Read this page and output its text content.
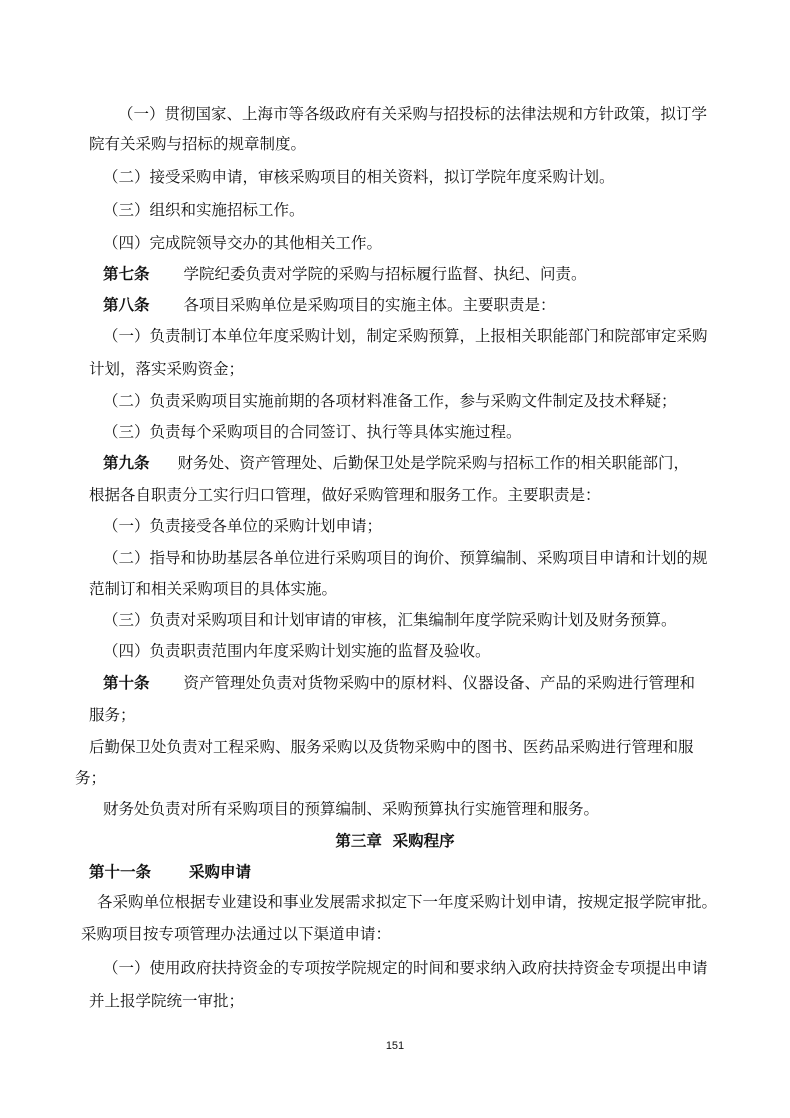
（一）贯彻国家、上海市等各级政府有关采购与招投标的法律法规和方针政策，拟订学
院有关采购与招标的规章制度。
（二）接受采购申请，审核采购项目的相关资料，拟订学院年度采购计划。
（三）组织和实施招标工作。
（四）完成院领导交办的其他相关工作。
第七条 学院纪委负责对学院的采购与招标履行监督、执纪、问责。
第八条 各项目采购单位是采购项目的实施主体。主要职责是：
（一）负责制订本单位年度采购计划，制定采购预算，上报相关职能部门和院部审定采购
计划，落实采购资金；
（二）负责采购项目实施前期的各项材料准备工作，参与采购文件制定及技术释疑；
（三）负责每个采购项目的合同签订、执行等具体实施过程。
第九条 财务处、资产管理处、后勤保卫处是学院采购与招标工作的相关职能部门，
根据各自职责分工实行归口管理，做好采购管理和服务工作。主要职责是：
（一）负责接受各单位的采购计划申请；
（二）指导和协助基层各单位进行采购项目的询价、预算编制、采购项目申请和计划的规
范制订和相关采购项目的具体实施。
（三）负责对采购项目和计划审请的审核，汇集编制年度学院采购计划及财务预算。
（四）负责职责范围内年度采购计划实施的监督及验收。
第十条 资产管理处负责对货物采购中的原材料、仪器设备、产品的采购进行管理和
服务；
后勤保卫处负责对工程采购、服务采购以及货物采购中的图书、医药品采购进行管理和服
务；
财务处负责对所有采购项目的预算编制、采购预算执行实施管理和服务。
第三章  采购程序
第十一条 采购申请
各采购单位根据专业建设和事业发展需求拟定下一年度采购计划申请，按规定报学院审批。
采购项目按专项管理办法通过以下渠道申请：
（一）使用政府扶持资金的专项按学院规定的时间和要求纳入政府扶持资金专项提出申请
并上报学院统一审批；
151
